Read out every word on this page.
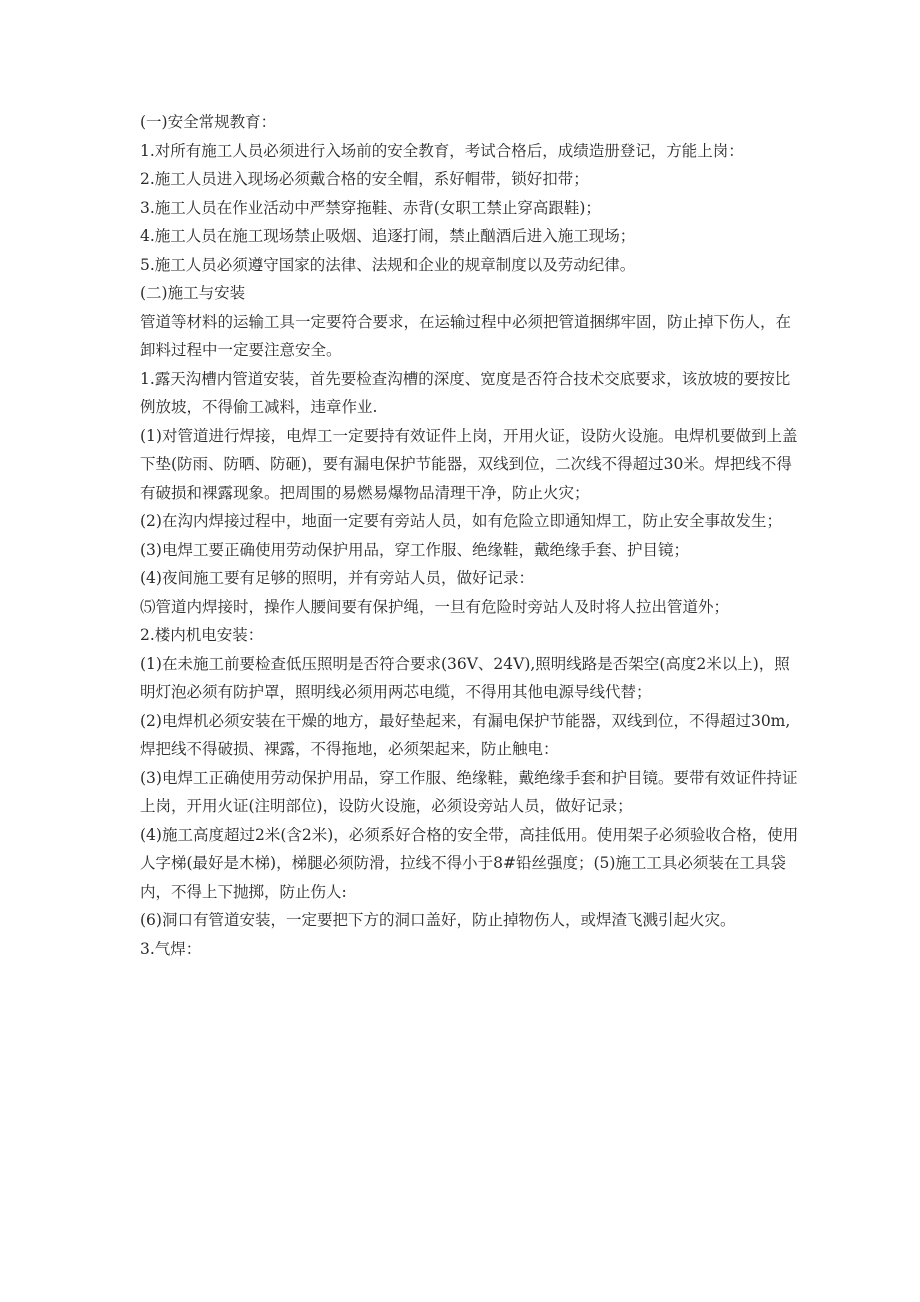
(一)安全常规教育：

1.对所有施工人员必须进行入场前的安全教育，考试合格后，成绩造册登记，方能上岗：

2.施工人员进入现场必须戴合格的安全帽，系好帽带，锁好扣带；

3.施工人员在作业活动中严禁穿拖鞋、赤背(女职工禁止穿高跟鞋)；

4.施工人员在施工现场禁止吸烟、追逐打闹，禁止酗酒后进入施工现场；

5.施工人员必须遵守国家的法律、法规和企业的规章制度以及劳动纪律。

(二)施工与安装

管道等材料的运输工具一定要符合要求，在运输过程中必须把管道捆绑牢固，防止掉下伤人，在卸料过程中一定要注意安全。

1.露天沟槽内管道安装，首先要检查沟槽的深度、宽度是否符合技术交底要求，该放坡的要按比例放坡，不得偷工减料，违章作业.

(1)对管道进行焊接，电焊工一定要持有效证件上岗，开用火证，设防火设施。电焊机要做到上盖下垫(防雨、防晒、防砸)，要有漏电保护节能器，双线到位，二次线不得超过30米。焊把线不得有破损和裸露现象。把周围的易燃易爆物品清理干净，防止火灾；

(2)在沟内焊接过程中，地面一定要有旁站人员，如有危险立即通知焊工，防止安全事故发生；

(3)电焊工要正确使用劳动保护用品，穿工作服、绝缘鞋，戴绝缘手套、护目镜；

(4)夜间施工要有足够的照明，并有旁站人员，做好记录：

⑸管道内焊接时，操作人腰间要有保护绳，一旦有危险时旁站人及时将人拉出管道外；

2.楼内机电安装：

(1)在未施工前要检查低压照明是否符合要求(36V、24V),照明线路是否架空(高度2米以上)，照明灯泡必须有防护罩，照明线必须用两芯电缆，不得用其他电源导线代替；

(2)电焊机必须安装在干燥的地方，最好垫起来，有漏电保护节能器，双线到位，不得超过30m,焊把线不得破损、裸露，不得拖地，必须架起来，防止触电：

(3)电焊工正确使用劳动保护用品，穿工作服、绝缘鞋，戴绝缘手套和护目镜。要带有效证件持证上岗，开用火证(注明部位)，设防火设施，必须设旁站人员，做好记录；

(4)施工高度超过2米(含2米)，必须系好合格的安全带，高挂低用。使用架子必须验收合格，使用人字梯(最好是木梯)，梯腿必须防滑，拉线不得小于8#铅丝强度；(5)施工工具必须装在工具袋内，不得上下抛掷，防止伤人:

(6)洞口有管道安装，一定要把下方的洞口盖好，防止掉物伤人，或焊渣飞溅引起火灾。

3.气焊：
